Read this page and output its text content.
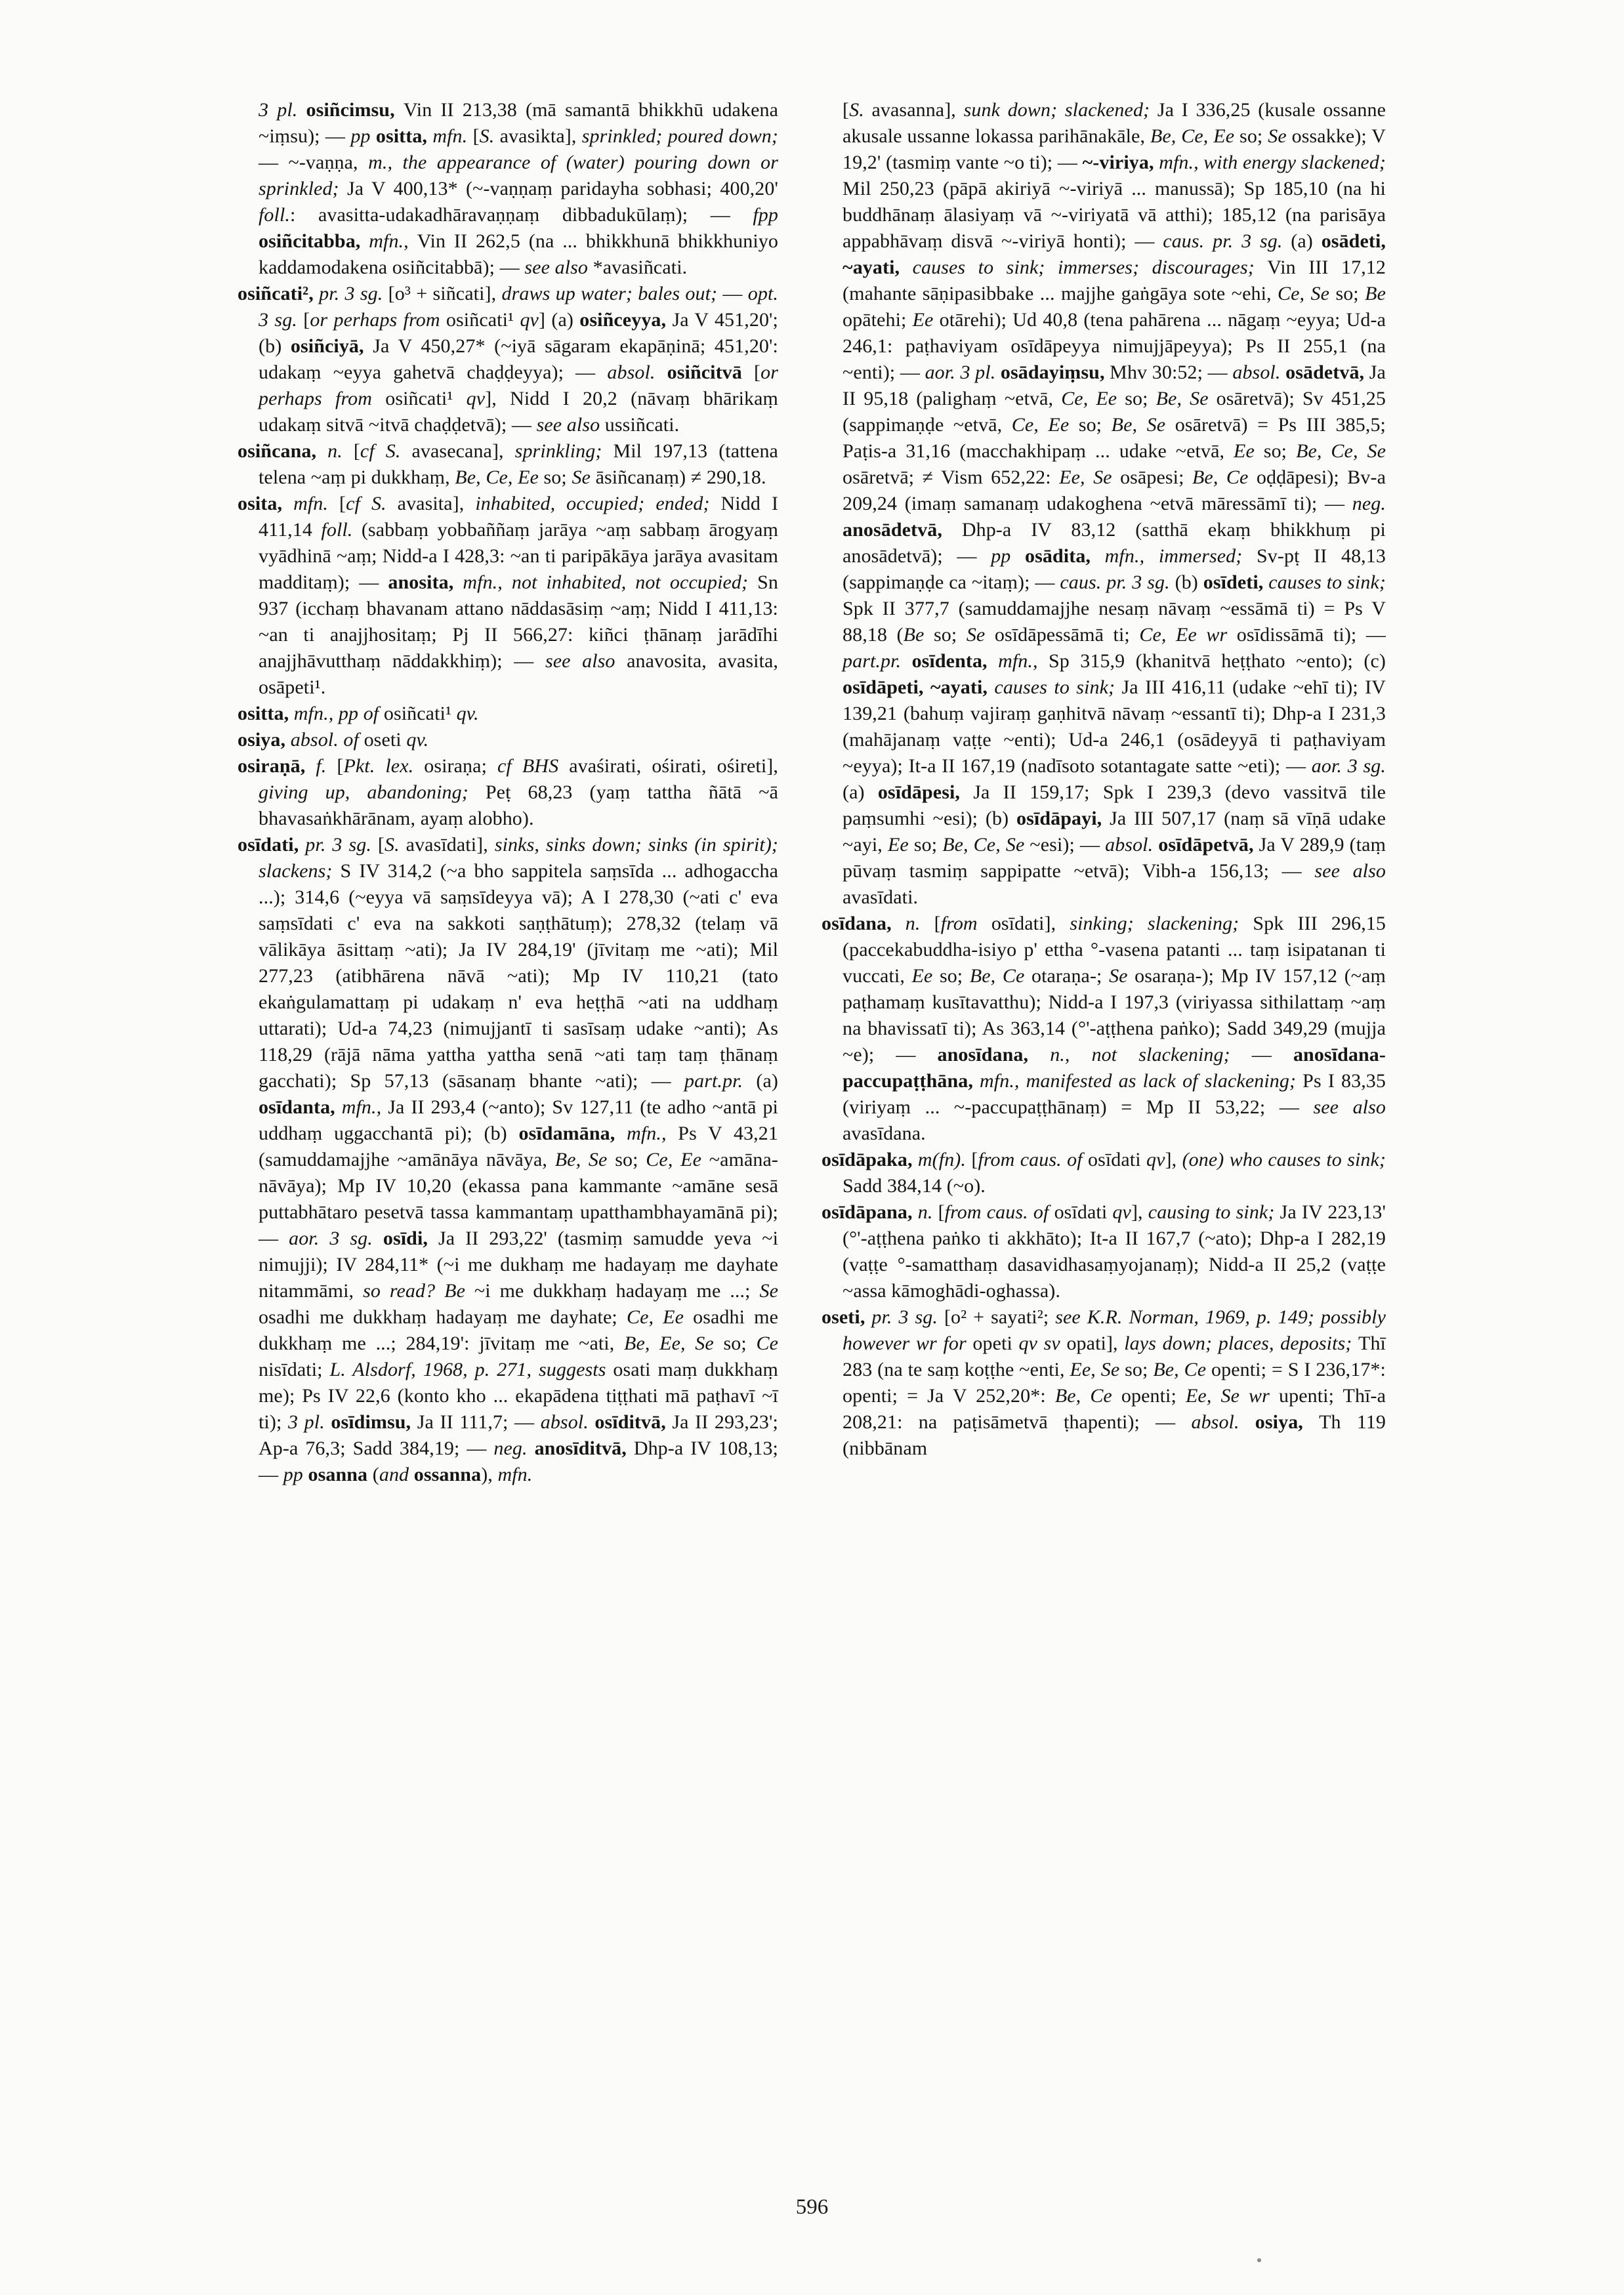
3 pl. osiñcimsu, Vin II 213,38 (mā samantā bhikkhū udakena ~iṃsu); — pp ositta, mfn. [S. avasikta], sprinkled; poured down; — ~-vaṇṇa, m., the appearance of (water) pouring down or sprinkled; Ja V 400,13* (~-vaṇṇaṃ paridayha sobhasi; 400,20' foll.: avasitta-udakadhāravaṇṇaṃ dibbadukūlaṃ); — fpp osiñcitabba, mfn., Vin II 262,5 (na ... bhikkhunā bhikkhuniyo kaddamodakena osiñcitabbā); — see also *avasiñcati.

osiñcati², pr. 3 sg. [o³ + siñcati], draws up water; bales out; — opt. 3 sg. [or perhaps from osiñcati¹ qv] (a) osiñceyya, Ja V 451,20'; (b) osiñciyā, Ja V 450,27* (~iyā sāgaram ekapāṇinā; 451,20': udakaṃ ~eyya gahetvā chaḍḍeyya); — absol. osiñcitvā [or perhaps from osiñcati¹ qv], Nidd I 20,2 (nāvaṃ bhārikaṃ udakaṃ sitvā ~itvā chaḍḍetvā); — see also ussiñcati.

osiñcana, n. [cf S. avasecana], sprinkling; Mil 197,13 (tattena telena ~aṃ pi dukkhaṃ, Be, Ce, Ee so; Se āsiñcanaṃ) ≠ 290,18.

osita, mfn. [cf S. avasita], inhabited, occupied; ended; Nidd I 411,14 foll. (sabbaṃ yobbaññaṃ jarāya ~aṃ sabbaṃ ārogyaṃ vyādhinā ~aṃ; Nidd-a I 428,3: ~an ti paripākāya jarāya avasitam madditaṃ); — anosita, mfn., not inhabited, not occupied; Sn 937 (icchaṃ bhavanam attano nāddasāsiṃ ~aṃ; Nidd I 411,13: ~an ti anajjhositaṃ; Pj II 566,27: kiñci ṭhānaṃ jarādīhi anajjhāvutthaṃ nāddakkhiṃ); — see also anavosita, avasita, osāpeti¹.

ositta, mfn., pp of osiñcati¹ qv.

osiya, absol. of oseti qv.

osiraṇā, f. [Pkt. lex. osiraṇa; cf BHS avaśirati, ośirati, ośireti], giving up, abandoning; Peṭ 68,23 (yaṃ tattha ñātā ~ā bhavasaṅkhārānam, ayaṃ alobho).

osīdati, pr. 3 sg. [S. avasīdati], sinks, sinks down; sinks (in spirit); slackens; S IV 314,2 (~a bho sappitela saṃsīda ... adhogaccha ...); 314,6 (~eyya vā saṃsīdeyya vā); A I 278,30 (~ati c' eva saṃsīdati c' eva na sakkoti saṇṭhātuṃ); 278,32 (telaṃ vā vālikāya āsittaṃ ~ati); Ja IV 284,19' (jīvitaṃ me ~ati); Mil 277,23 (atibhārena nāvā ~ati); Mp IV 110,21 (tato ekaṅgulamattaṃ pi udakaṃ n' eva heṭṭhā ~ati na uddhaṃ uttarati); Ud-a 74,23 (nimujjantī ti sasīsaṃ udake ~anti); As 118,29 (rājā nāma yattha yattha senā ~ati taṃ taṃ ṭhānaṃ gacchati); Sp 57,13 (sāsanaṃ bhante ~ati); — part.pr. (a) osīdanta, mfn., Ja II 293,4 (~anto); Sv 127,11 (te adho ~antā pi uddhaṃ uggacchantā pi); (b) osīdamāna, mfn., Ps V 43,21 (samuddamajjhe ~amānāya nāvāya, Be, Se so; Ce, Ee ~amāna-nāvāya); Mp IV 10,20 (ekassa pana kammante ~amāne sesā puttabhātaro pesetvā tassa kammantaṃ upatthambhayamānā pi); — aor. 3 sg. osīdi, Ja II 293,22' (tasmiṃ samudde yeva ~i nimujji); IV 284,11* (~i me dukhaṃ me hadayaṃ me dayhate nitammāmi, so read? Be ~i me dukkhaṃ hadayaṃ me ...; Se osadhi me dukkhaṃ hadayaṃ me dayhate; Ce, Ee osadhi me dukkhaṃ me ...; 284,19': jīvitaṃ me ~ati, Be, Ee, Se so; Ce nisīdati; L. Alsdorf, 1968, p. 271, suggests osati maṃ dukkhaṃ me); Ps IV 22,6 (konto kho ... ekapādena tiṭṭhati mā paṭhavī ~ī ti); 3 pl. osīdimsu, Ja II 111,7; — absol. osīditvā, Ja II 293,23'; Ap-a 76,3; Sadd 384,19; — neg. anosīditvā, Dhp-a IV 108,13; — pp osanna (and ossanna), mfn.

[S. avasanna], sunk down; slackened; Ja I 336,25 (kusale ossanne akusale ussanne lokassa parihānakāle, Be, Ce, Ee so; Se ossakke); V 19,2' (tasmiṃ vante ~o ti); — ~-viriya, mfn., with energy slackened; Mil 250,23 (pāpā akiriyā ~-viriyā ... manussā); Sp 185,10 (na hi buddhānaṃ ālasiyaṃ vā ~-viriyatā vā atthi); 185,12 (na parisāya appabhāvaṃ disvā ~-viriyā honti); — caus. pr. 3 sg. (a) osādeti, ~ayati, causes to sink; immerses; discourages; Vin III 17,12 (mahante sāṇipasibbake ... majjhe gaṅgāya sote ~ehi, Ce, Se so; Be opātehi; Ee otārehi); Ud 40,8 (tena pahārena ... nāgaṃ ~eyya; Ud-a 246,1: paṭhaviyam osīdāpeyya nimujjāpeyya); Ps II 255,1 (na ~enti); — aor. 3 pl. osādayiṃsu, Mhv 30:52; — absol. osādetvā, Ja II 95,18 (palighaṃ ~etvā, Ce, Ee so; Be, Se osāretvā); Sv 451,25 (sappimaṇḍe ~etvā, Ce, Ee so; Be, Se osāretvā) = Ps III 385,5; Paṭis-a 31,16 (macchakhipaṃ ... udake ~etvā, Ee so; Be, Ce, Se osāretvā; ≠ Vism 652,22: Ee, Se osāpesi; Be, Ce oḍḍāpesi); Bv-a 209,24 (imaṃ samanaṃ udakoghena ~etvā māressāmī ti); — neg. anosādetvā, Dhp-a IV 83,12 (satthā ekaṃ bhikkhuṃ pi anosādetvā); — pp osādita, mfn., immersed; Sv-pṭ II 48,13 (sappimaṇḍe ca ~itaṃ); — caus. pr. 3 sg. (b) osīdeti, causes to sink; Spk II 377,7 (samuddamajjhe nesaṃ nāvaṃ ~essāmā ti) = Ps V 88,18 (Be so; Se osīdāpessāmā ti; Ce, Ee wr osīdissāmā ti); — part.pr. osīdenta, mfn., Sp 315,9 (khanitvā heṭṭhato ~ento); (c) osīdāpeti, ~ayati, causes to sink; Ja III 416,11 (udake ~ehī ti); IV 139,21 (bahuṃ vajiraṃ gaṇhitvā nāvaṃ ~essantī ti); Dhp-a I 231,3 (mahājanaṃ vaṭṭe ~enti); Ud-a 246,1 (osādeyyā ti paṭhaviyam ~eyya); It-a II 167,19 (nadīsoto sotantagate satte ~eti); — aor. 3 sg. (a) osīdāpesi, Ja II 159,17; Spk I 239,3 (devo vassitvā tile paṃsumhi ~esi); (b) osīdāpayi, Ja III 507,17 (naṃ sā vīṇā udake ~ayi, Ee so; Be, Ce, Se ~esi); — absol. osīdāpetvā, Ja V 289,9 (taṃ pūvaṃ tasmiṃ sappipatte ~etvā); Vibh-a 156,13; — see also avasīdati.

osīdana, n. [from osīdati], sinking; slackening; Spk III 296,15 (paccekabuddha-isiyo p' ettha °-vasena patanti ... taṃ isipatanan ti vuccati, Ee so; Be, Ce otaraṇa-; Se osaraṇa-); Mp IV 157,12 (~aṃ paṭhamaṃ kusītavatthu); Nidd-a I 197,3 (viriyassa sithilattaṃ ~aṃ na bhavissatī ti); As 363,14 (°'-aṭṭhena paṅko); Sadd 349,29 (mujja ~e); — anosīdana, n., not slackening; — anosīdana-paccupaṭṭhāna, mfn., manifested as lack of slackening; Ps I 83,35 (viriyaṃ ... ~-paccupaṭṭhānaṃ) = Mp II 53,22; — see also avasīdana.

osīdāpaka, m(fn). [from caus. of osīdati qv], (one) who causes to sink; Sadd 384,14 (~o).

osīdāpana, n. [from caus. of osīdati qv], causing to sink; Ja IV 223,13' (°'-aṭṭhena paṅko ti akkhāto); It-a II 167,7 (~ato); Dhp-a I 282,19 (vaṭṭe °-samatthaṃ dasavidhasaṃyojanaṃ); Nidd-a II 25,2 (vaṭṭe ~assa kāmoghādi-oghassa).

oseti, pr. 3 sg. [o² + sayati²; see K.R. Norman, 1969, p. 149; possibly however wr for opeti qv sv opati], lays down; places, deposits; Thī 283 (na te saṃ koṭṭhe ~enti, Ee, Se so; Be, Ce openti; = S I 236,17*: openti; = Ja V 252,20*: Be, Ce openti; Ee, Se wr upenti; Thī-a 208,21: na paṭisāmetvā ṭhapenti); — absol. osiya, Th 119 (nibbānam

596
